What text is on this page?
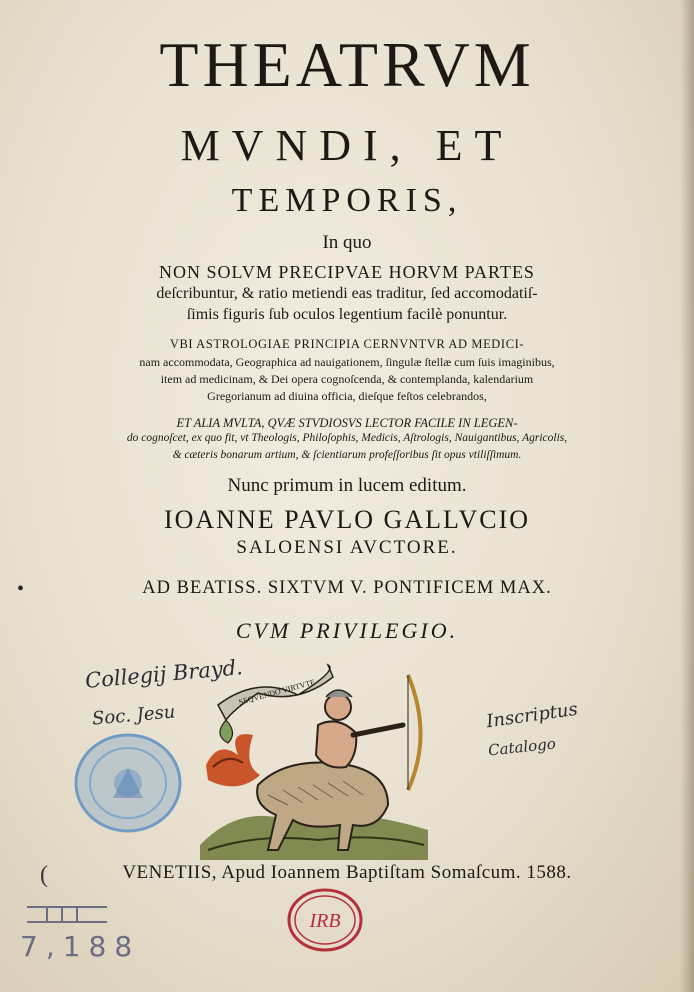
THEATRVM
MVNDI, ET
TEMPORIS,
In quo
NON SOLVM PRECIPVAE HORVM PARTES
deſcribuntur, & ratio metiendi eas traditur, ſed accomodatiſ-
ſimis figuris ſub oculos legentium facilè ponuntur.
VBI ASTROLOGIAE PRINCIPIA CERNVNTVR AD MEDICI-
nam accommodata, Geographica ad nauigationem, ſingulæ ſtellæ cum ſuis imaginibus,
item ad medicinam, & Dei opera cognoſcenda, & contemplanda, kalendarium
Gregorianum ad diuina officia, dieſque feſtos celebrandos,
ET ALIA MVLTA, QVÆ STVDIOSVS LECTOR FACILE IN LEGEN-
do cognoſcet, ex quo fit, vt Theologis, Philoſophis, Medicis, Aſtrologis, Nauigantibus, Agricolis,
& cæteris bonarum artium, & ſcientiarum profeſſoribus ſit opus vtiliſſimum.
Nunc primum in lucem editum.
IOANNE PAVLO GALLVCIO
SALOENSI AVCTORE.
AD BEATISS. SIXTVM V. PONTIFICEM MAX.
CVM PRIVILEGIO.
•
SEQVENDO VIRTVTE
Collegij Brayd.
Soc. Jesu	Inscriptus
Catalogo
(	VENETIIS, Apud Ioannem Baptiſtam Somaſcum. 1588.
IRB
7,188
